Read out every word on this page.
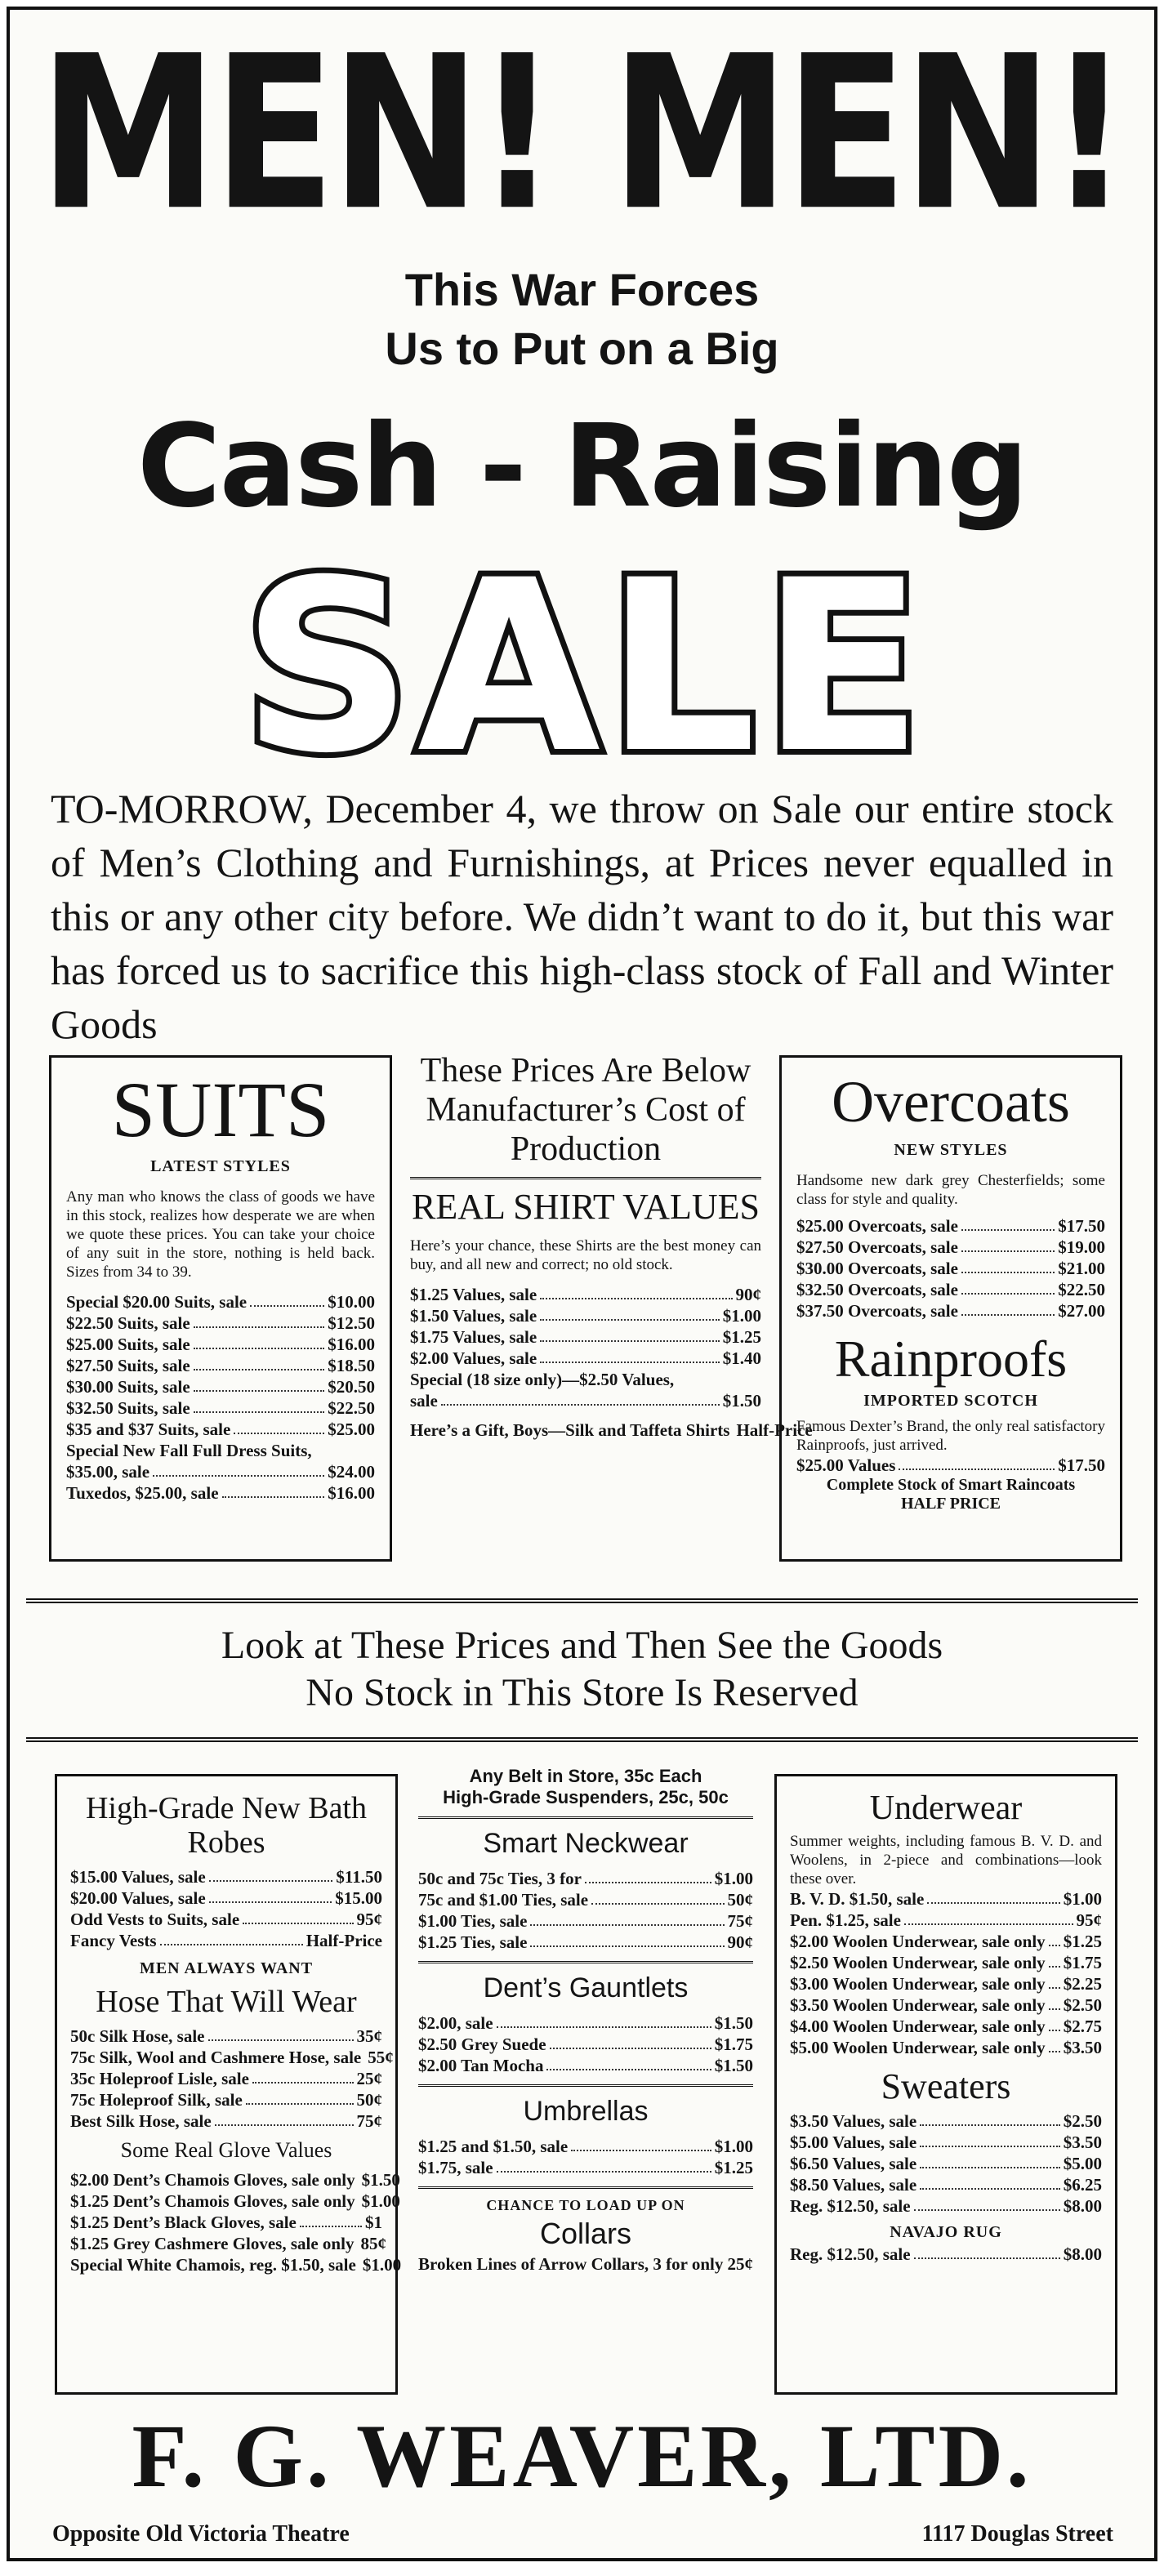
MEN! MEN!
This War Forces
Us to Put on a Big
Cash - Raising
SALE
TO-MORROW, December 4, we throw on Sale our entire stock of Men’s Clothing and Furnishings, at Prices never equalled in this or any other city before. We didn’t want to do it, but this war has forced us to sacrifice this high-class stock of Fall and Winter Goods
SUITS
LATEST STYLES
Any man who knows the class of goods we have in this stock, realizes how desperate we are when we quote these prices. You can take your choice of any suit in the store, nothing is held back. Sizes from 34 to 39.
Special $20.00 Suits, sale	$10.00
$22.50 Suits, sale	$12.50
$25.00 Suits, sale	$16.00
$27.50 Suits, sale	$18.50
$30.00 Suits, sale	$20.50
$32.50 Suits, sale	$22.50
$35 and $37 Suits, sale	$25.00
Special New Fall Full Dress Suits,
$35.00, sale	$24.00
Tuxedos, $25.00, sale	$16.00
These Prices Are Below Manufacturer’s Cost of Production
REAL SHIRT VALUES
Here’s your chance, these Shirts are the best money can buy, and all new and correct; no old stock.
$1.25 Values, sale	90¢
$1.50 Values, sale	$1.00
$1.75 Values, sale	$1.25
$2.00 Values, sale	$1.40
Special (18 size only)—$2.50 Values,
sale	$1.50
Here’s a Gift, Boys—Silk and Taffeta Shirts Half-Price
Overcoats
NEW STYLES
Handsome new dark grey Chesterfields; some class for style and quality.
$25.00 Overcoats, sale	$17.50
$27.50 Overcoats, sale	$19.00
$30.00 Overcoats, sale	$21.00
$32.50 Overcoats, sale	$22.50
$37.50 Overcoats, sale	$27.00
Rainproofs
IMPORTED SCOTCH
Famous Dexter’s Brand, the only real satisfactory Rainproofs, just arrived.
$25.00 Values	$17.50
Complete Stock of Smart Raincoats
HALF PRICE
Look at These Prices and Then See the Goods
No Stock in This Store Is Reserved
High-Grade New Bath Robes
$15.00 Values, sale	$11.50
$20.00 Values, sale	$15.00
Odd Vests to Suits, sale	95¢
Fancy Vests	Half-Price
MEN ALWAYS WANT
Hose That Will Wear
50c Silk Hose, sale	35¢
75c Silk, Wool and Cashmere Hose, sale 55¢
35c Holeproof Lisle, sale	25¢
75c Holeproof Silk, sale	50¢
Best Silk Hose, sale	75¢
Some Real Glove Values
$2.00 Dent’s Chamois Gloves, sale only $1.50
$1.25 Dent’s Chamois Gloves, sale only $1.00
$1.25 Dent’s Black Gloves, sale	$1
$1.25 Grey Cashmere Gloves, sale only 85¢
Special White Chamois, reg. $1.50, sale $1.00
Any Belt in Store, 35c Each
High-Grade Suspenders, 25c, 50c
Smart Neckwear
50c and 75c Ties, 3 for	$1.00
75c and $1.00 Ties, sale	50¢
$1.00 Ties, sale	75¢
$1.25 Ties, sale	90¢
Dent’s Gauntlets
$2.00, sale	$1.50
$2.50 Grey Suede	$1.75
$2.00 Tan Mocha	$1.50
Umbrellas
$1.25 and $1.50, sale	$1.00
$1.75, sale	$1.25
CHANCE TO LOAD UP ON
Collars
Broken Lines of Arrow Collars, 3 for only 25¢
Underwear
Summer weights, including famous B. V. D. and Woolens, in 2-piece and combinations—look these over.
B. V. D. $1.50, sale	$1.00
Pen. $1.25, sale	95¢
$2.00 Woolen Underwear, sale only $1.25
$2.50 Woolen Underwear, sale only $1.75
$3.00 Woolen Underwear, sale only $2.25
$3.50 Woolen Underwear, sale only $2.50
$4.00 Woolen Underwear, sale only $2.75
$5.00 Woolen Underwear, sale only $3.50
Sweaters
$3.50 Values, sale	$2.50
$5.00 Values, sale	$3.50
$6.50 Values, sale	$5.00
$8.50 Values, sale	$6.25
Reg. $12.50, sale	$8.00
NAVAJO RUG
Reg. $12.50, sale	$8.00
F. G. WEAVER, LTD.
Opposite Old Victoria Theatre	1117 Douglas Street
